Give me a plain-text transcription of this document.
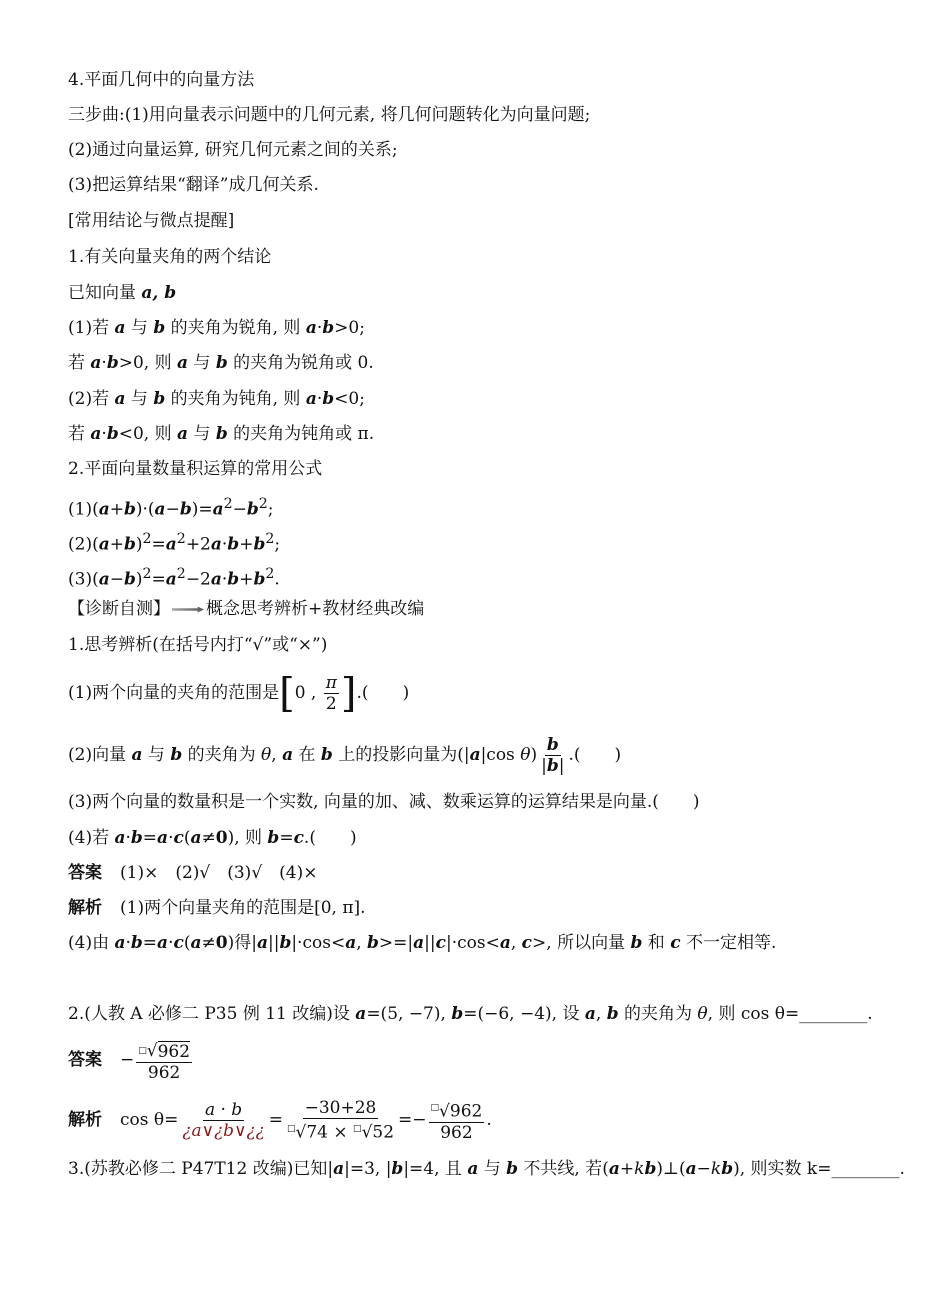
4.平面几何中的向量方法
三步曲:(1)用向量表示问题中的几何元素, 将几何问题转化为向量问题;
(2)通过向量运算, 研究几何元素之间的关系;
(3)把运算结果“翻译”成几何关系.
[常用结论与微点提醒]
1.有关向量夹角的两个结论
已知向量 a, b
(1)若 a 与 b 的夹角为锐角, 则 a·b>0;
若 a·b>0, 则 a 与 b 的夹角为锐角或 0.
(2)若 a 与 b 的夹角为钝角, 则 a·b<0;
若 a·b<0, 则 a 与 b 的夹角为钝角或 π.
2.平面向量数量积运算的常用公式
$(1)(a+b)\cdot(a-b)=a^2-b^2$;
$(2)(a+b)^2=a^2+2a\cdot b+b^2$;
$(3)(a-b)^2=a^2-2a\cdot b+b^2$.
【诊断自测】 概念思考辨析+教材经典改编
1.思考辨析(在括号内打“√”或“×”)
(1)两个向量的夹角的范围是[0 , $\frac{\pi}{2}$ ].(　　)
(2)向量 a 与 b 的夹角为 θ, a 在 b 上的投影向量为(|a|cos $\theta) \frac{b}{|b|}$ .(　　)
(3)两个向量的数量积是一个实数, 向量的加、减、数乘运算的运算结果是向量.(　　)
(4)若 a·b=a·c(a≠0), 则 b=c.(　　)
答案 (1)×　(2)√　(3)√　(4)×
解析 (1)两个向量夹角的范围是[0, π].
(4)由 a·b=a·c(a≠0)得|a||b|·cos<a, b>=|a||c|·cos<a, c>, 所以向量 b 和 c 不一定相等.
2.(人教 A 必修二 P35 例 11 改编)设 a=(5, −7), b=(−6, −4), 设 a, b 的夹角为 θ, 则 cos θ=________.
答案 − $\frac{□ √ 962}{962}$
解析 $\cos \theta= \frac{a \cdot b}{¿a\vee¿b\vee¿¿} = \frac{-30+28}{^□√74 \times ^□√52} =- \frac{^□√962}{962}$ .
3.(苏教必修二 P47T12 改编)已知|a|=3, |b|=4, 且 a 与 b 不共线, 若(a+kb)⊥(a−kb), 则实数 k=________.
